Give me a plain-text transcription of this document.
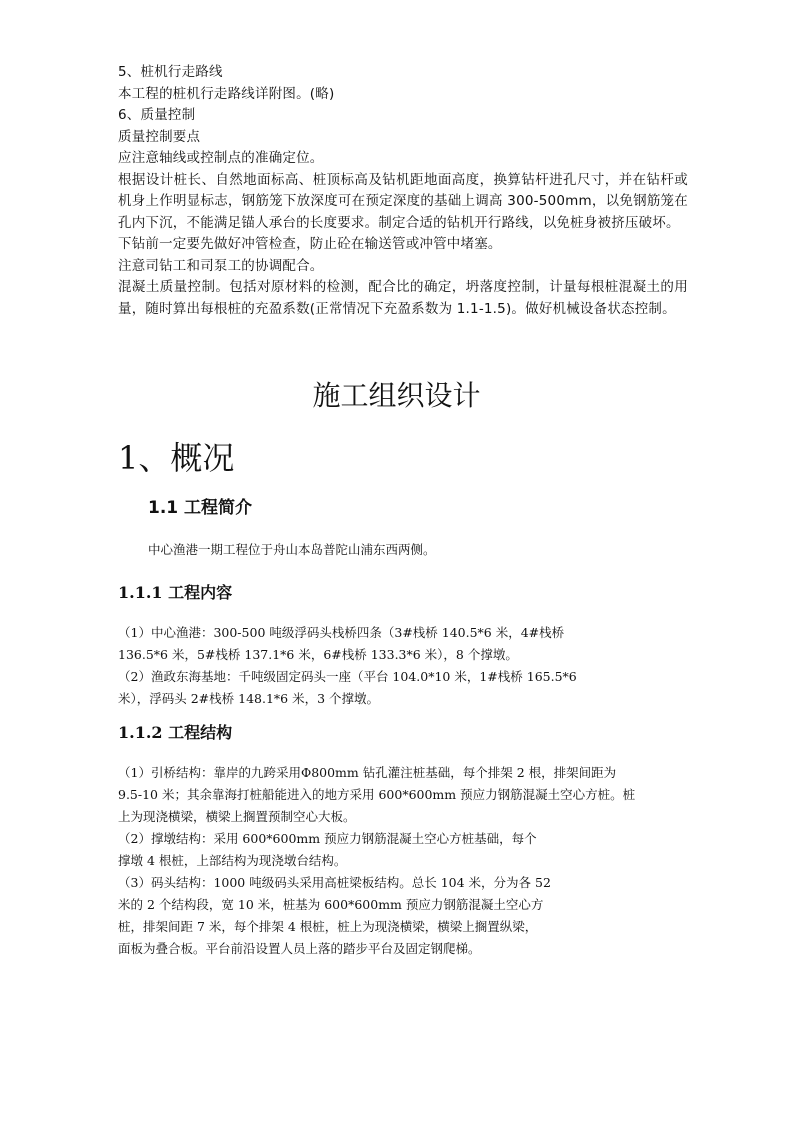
5、桩机行走路线

本工程的桩机行走路线详附图。(略)

6、质量控制

质量控制要点

应注意轴线或控制点的准确定位。

根据设计桩长、自然地面标高、桩顶标高及钻机距地面高度，换算钻杆进孔尺寸，并在钻杆或机身上作明显标志，钢筋笼下放深度可在预定深度的基础上调高 300-500mm，以免钢筋笼在孔内下沉，不能满足锚人承台的长度要求。制定合适的钻机开行路线，以免桩身被挤压破坏。

下钻前一定要先做好冲管检查，防止砼在输送管或冲管中堵塞。

注意司钻工和司泵工的协调配合。

混凝土质量控制。包括对原材料的检测，配合比的确定，坍落度控制，计量每根桩混凝土的用量，随时算出每根桩的充盈系数(正常情况下充盈系数为 1.1-1.5)。做好机械设备状态控制。

施工组织设计
1、概况
1.1 工程简介
中心渔港一期工程位于舟山本岛普陀山浦东西两侧。
1.1.1 工程内容

（1）中心渔港：300-500 吨级浮码头栈桥四条（3#栈桥 140.5*6 米，4#栈桥

136.5*6 米，5#栈桥 137.1*6 米，6#栈桥 133.3*6 米），8 个撑墩。

（2）渔政东海基地：千吨级固定码头一座（平台 104.0*10 米，1#栈桥 165.5*6

米），浮码头 2#栈桥 148.1*6 米，3 个撑墩。

1.1.2 工程结构

（1）引桥结构：靠岸的九跨采用Φ800mm 钻孔灌注桩基础，每个排架 2 根，排架间距为

9.5-10 米；其余靠海打桩船能进入的地方采用 600*600mm 预应力钢筋混凝土空心方桩。桩

上为现浇横梁，横梁上搁置预制空心大板。

（2）撑墩结构：采用 600*600mm 预应力钢筋混凝土空心方桩基础，每个

撑墩 4 根桩，上部结构为现浇墩台结构。

（3）码头结构：1000 吨级码头采用高桩梁板结构。总长 104 米，分为各 52

米的 2 个结构段，宽 10 米，桩基为 600*600mm 预应力钢筋混凝土空心方

桩，排架间距 7 米，每个排架 4 根桩，桩上为现浇横梁，横梁上搁置纵梁，

面板为叠合板。平台前沿设置人员上落的踏步平台及固定钢爬梯。
